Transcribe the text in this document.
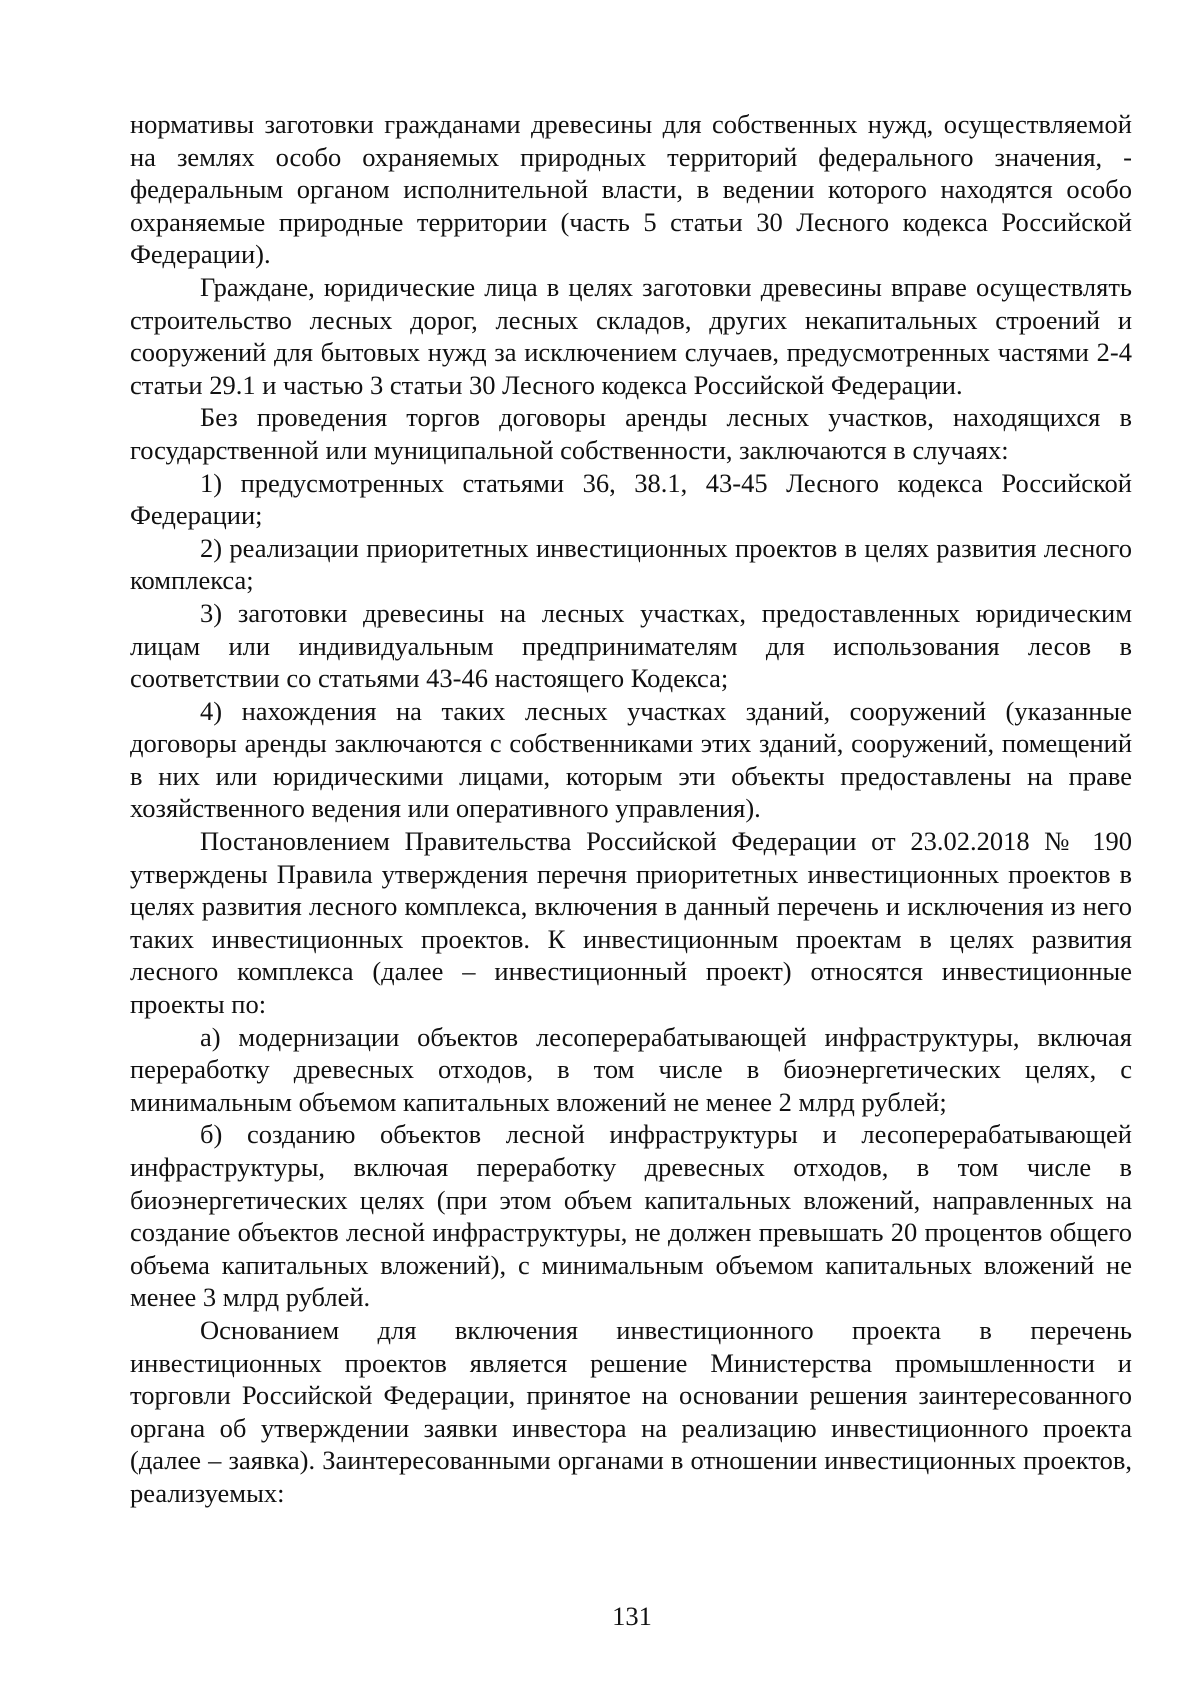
нормативы заготовки гражданами древесины для собственных нужд, осуществляемой на землях особо охраняемых природных территорий федерального значения, - федеральным органом исполнительной власти, в ведении которого находятся особо охраняемые природные территории (часть 5 статьи 30 Лесного кодекса Российской Федерации).

Граждане, юридические лица в целях заготовки древесины вправе осуществлять строительство лесных дорог, лесных складов, других некапитальных строений и сооружений для бытовых нужд за исключением случаев, предусмотренных частями 2-4 статьи 29.1 и частью 3 статьи 30 Лесного кодекса Российской Федерации.

Без проведения торгов договоры аренды лесных участков, находящихся в государственной или муниципальной собственности, заключаются в случаях:

1) предусмотренных статьями 36, 38.1, 43-45 Лесного кодекса Российской Федерации;

2) реализации приоритетных инвестиционных проектов в целях развития лесного комплекса;

3) заготовки древесины на лесных участках, предоставленных юридическим лицам или индивидуальным предпринимателям для использования лесов в соответствии со статьями 43-46 настоящего Кодекса;

4) нахождения на таких лесных участках зданий, сооружений (указанные договоры аренды заключаются с собственниками этих зданий, сооружений, помещений в них или юридическими лицами, которым эти объекты предоставлены на праве хозяйственного ведения или оперативного управления).

Постановлением Правительства Российской Федерации от 23.02.2018 № 190 утверждены Правила утверждения перечня приоритетных инвестиционных проектов в целях развития лесного комплекса, включения в данный перечень и исключения из него таких инвестиционных проектов. К инвестиционным проектам в целях развития лесного комплекса (далее – инвестиционный проект) относятся инвестиционные проекты по:

а) модернизации объектов лесоперерабатывающей инфраструктуры, включая переработку древесных отходов, в том числе в биоэнергетических целях, с минимальным объемом капитальных вложений не менее 2 млрд рублей;

б) созданию объектов лесной инфраструктуры и лесоперерабатывающей инфраструктуры, включая переработку древесных отходов, в том числе в биоэнергетических целях (при этом объем капитальных вложений, направленных на создание объектов лесной инфраструктуры, не должен превышать 20 процентов общего объема капитальных вложений), с минимальным объемом капитальных вложений не менее 3 млрд рублей.

Основанием для включения инвестиционного проекта в перечень инвестиционных проектов является решение Министерства промышленности и торговли Российской Федерации, принятое на основании решения заинтересованного органа об утверждении заявки инвестора на реализацию инвестиционного проекта (далее – заявка). Заинтересованными органами в отношении инвестиционных проектов, реализуемых:

131
